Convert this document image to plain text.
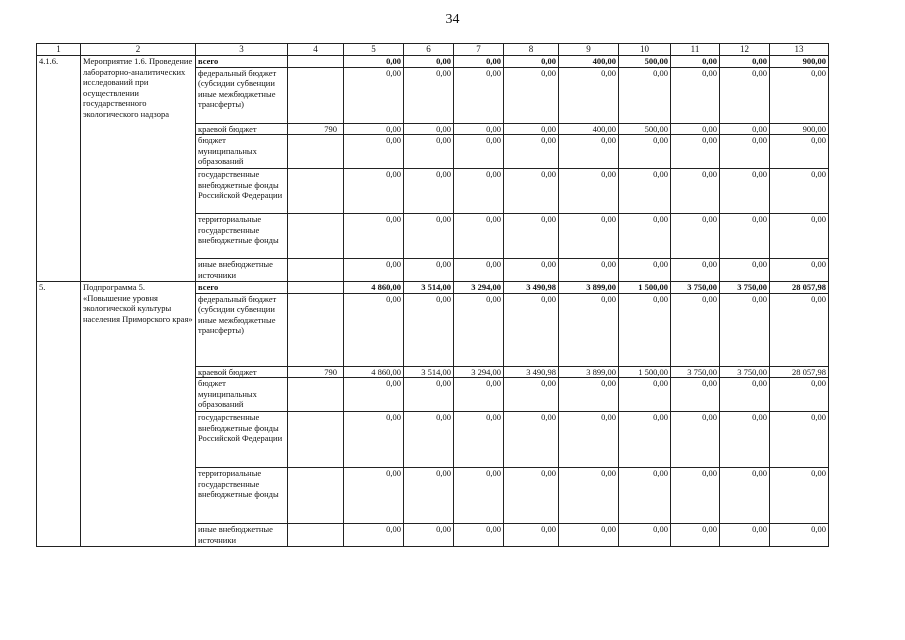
34
1	2	3	4	5	6	7	8	9	10	11	12	13
4.1.6.	Мероприятие 1.6. Проведение лабораторно-аналитических исследований при осуществлении государственного экологического надзора	всего		0,00	0,00	0,00	0,00	400,00	500,00	0,00	0,00	900,00
		федеральный бюджет (субсидии субвенции иные межбюджетные трансферты)		0,00	0,00	0,00	0,00	0,00	0,00	0,00	0,00	0,00
		краевой бюджет	790	0,00	0,00	0,00	0,00	400,00	500,00	0,00	0,00	900,00
		бюджет муниципальных образований		0,00	0,00	0,00	0,00	0,00	0,00	0,00	0,00	0,00
		государственные внебюджетные фонды Российской Федерации		0,00	0,00	0,00	0,00	0,00	0,00	0,00	0,00	0,00
		территориальные государственные внебюджетные фонды		0,00	0,00	0,00	0,00	0,00	0,00	0,00	0,00	0,00
		иные внебюджетные источники		0,00	0,00	0,00	0,00	0,00	0,00	0,00	0,00	0,00
5.	Подпрограмма 5. «Повышение уровня экологической культуры населения Приморского края»	всего		4 860,00	3 514,00	3 294,00	3 490,98	3 899,00	1 500,00	3 750,00	3 750,00	28 057,98
		федеральный бюджет (субсидии субвенции иные межбюджетные трансферты)		0,00	0,00	0,00	0,00	0,00	0,00	0,00	0,00	0,00
		краевой бюджет	790	4 860,00	3 514,00	3 294,00	3 490,98	3 899,00	1 500,00	3 750,00	3 750,00	28 057,98
		бюджет муниципальных образований		0,00	0,00	0,00	0,00	0,00	0,00	0,00	0,00	0,00
		государственные внебюджетные фонды Российской Федерации		0,00	0,00	0,00	0,00	0,00	0,00	0,00	0,00	0,00
		территориальные государственные внебюджетные фонды		0,00	0,00	0,00	0,00	0,00	0,00	0,00	0,00	0,00
		иные внебюджетные источники		0,00	0,00	0,00	0,00	0,00	0,00	0,00	0,00	0,00
